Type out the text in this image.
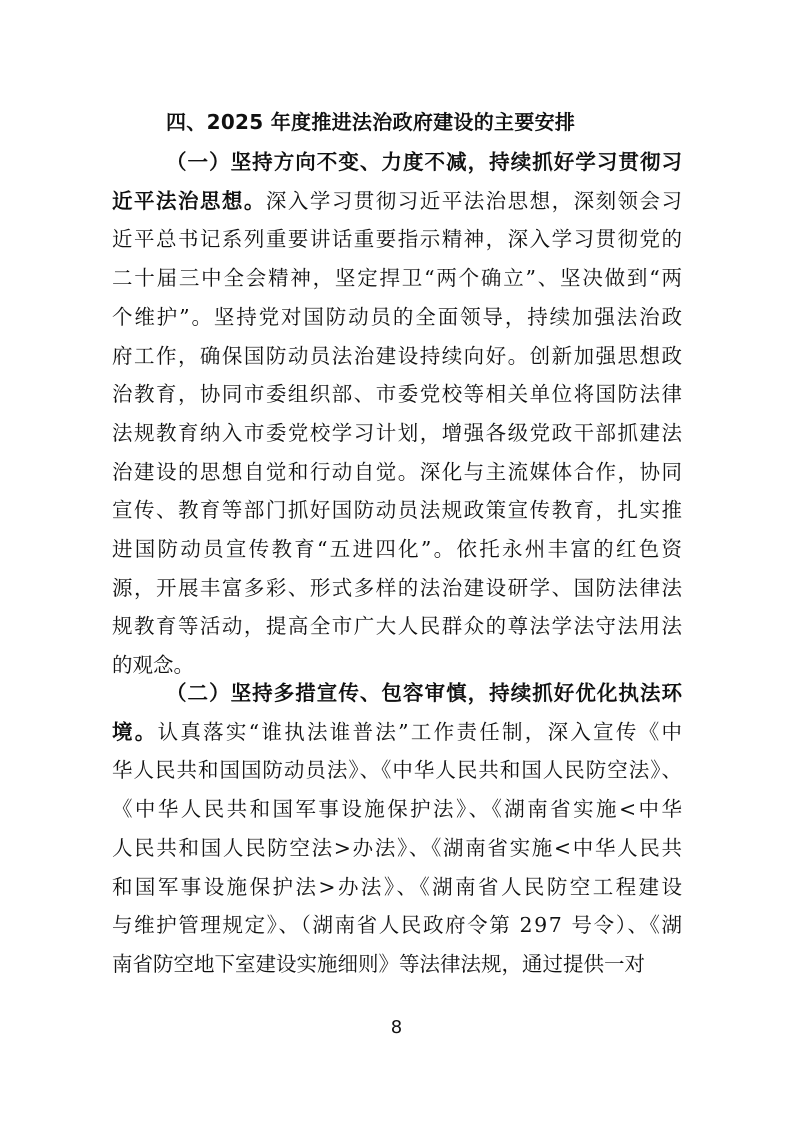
四、2025 年度推进法治政府建设的主要安排
（一）坚持方向不变、力度不减，持续抓好学习贯彻习
近平法治思想。深入学习贯彻习近平法治思想，深刻领会习
近平总书记系列重要讲话重要指示精神，深入学习贯彻党的
二十届三中全会精神，坚定捍卫“两个确立”、坚决做到“两
个维护”。坚持党对国防动员的全面领导，持续加强法治政
府工作，确保国防动员法治建设持续向好。创新加强思想政
治教育，协同市委组织部、市委党校等相关单位将国防法律
法规教育纳入市委党校学习计划，增强各级党政干部抓建法
治建设的思想自觉和行动自觉。深化与主流媒体合作，协同
宣传、教育等部门抓好国防动员法规政策宣传教育，扎实推
进国防动员宣传教育“五进四化”。依托永州丰富的红色资
源，开展丰富多彩、形式多样的法治建设研学、国防法律法
规教育等活动，提高全市广大人民群众的尊法学法守法用法
的观念。
（二）坚持多措宣传、包容审慎，持续抓好优化执法环
境。认真落实“谁执法谁普法”工作责任制，深入宣传《中
华人民共和国国防动员法》、《中华人民共和国人民防空法》、
《中华人民共和国军事设施保护法》、《湖南省实施<中华
人民共和国人民防空法>办法》、《湖南省实施<中华人民共
和国军事设施保护法>办法》、《湖南省人民防空工程建设
与维护管理规定》、（湖南省人民政府令第 297 号令）、《湖
南省防空地下室建设实施细则》等法律法规，通过提供一对
8
